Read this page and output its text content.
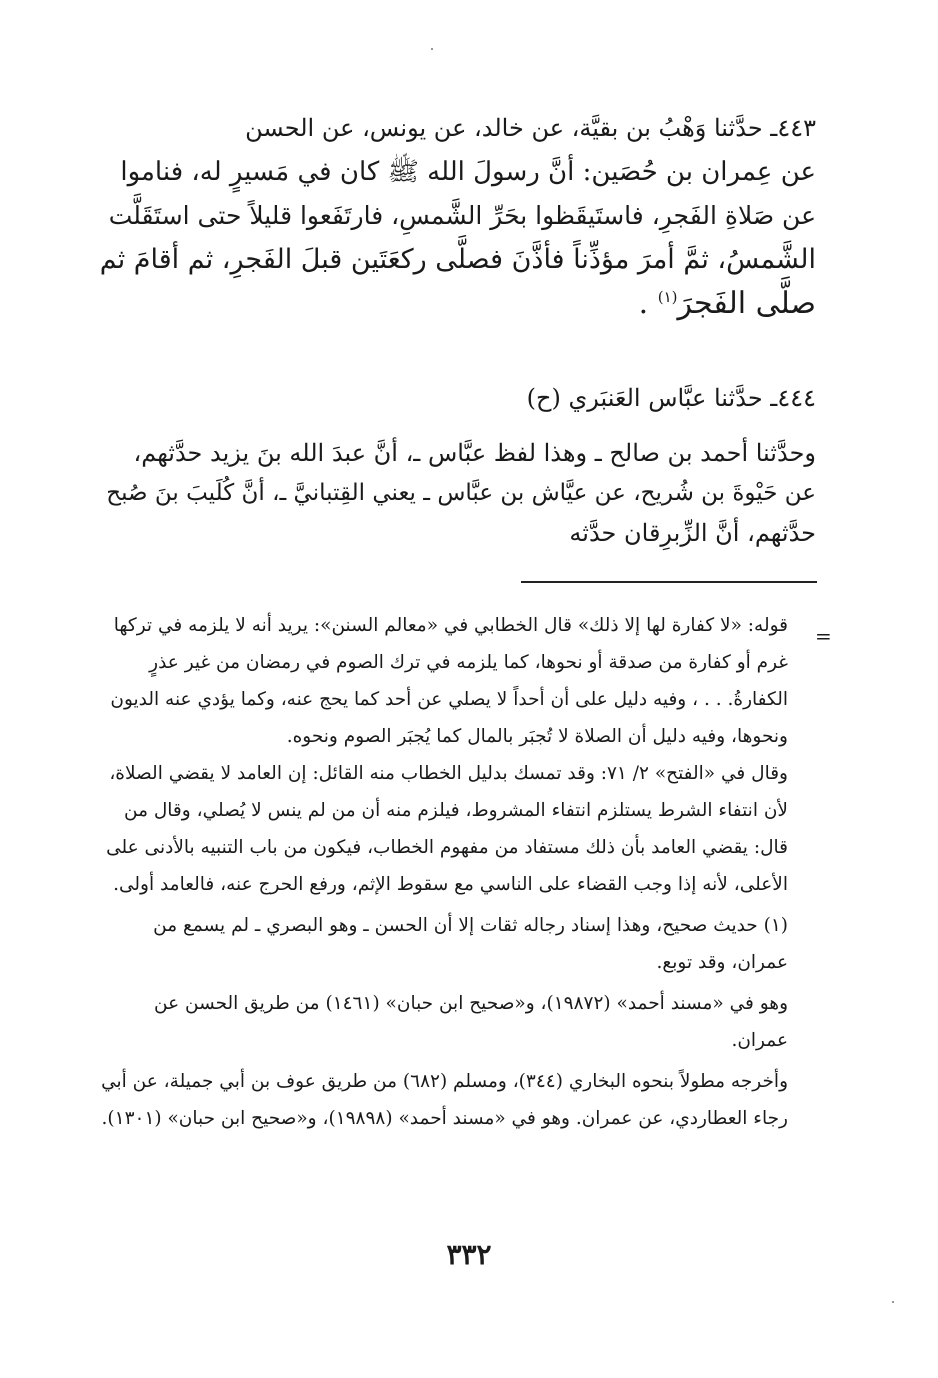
٤٤٣ـ حدَّثنا وَهْبُ بن بقيَّة، عن خالد، عن يونس، عن الحسن
عن عِمران بن حُصَين: أنَّ رسولَ الله ﷺ كان في مَسيرٍ له، فناموا
عن صَلاةِ الفَجرِ، فاستَيقَظوا بحَرِّ الشَّمسِ، فارتَفَعوا قليلاً حتى استَقَلَّت
الشَّمسُ، ثمَّ أمرَ مؤذِّناً فأذَّنَ فصلَّى ركعَتَين قبلَ الفَجرِ، ثم أقامَ ثم
صلَّى الفَجرَ$^{(١)}$ .
٤٤٤ـ حدَّثنا عبَّاس العَنبَري (ح)
وحدَّثنا أحمد بن صالح ـ وهذا لفظ عبَّاس ـ، أنَّ عبدَ الله بنَ يزيد حدَّثهم،
عن حَيْوةَ بن شُريح، عن عيَّاش بن عبَّاس ـ يعني القِتبانيَّ ـ، أنَّ كُلَيبَ بنَ صُبح
حدَّثهم، أنَّ الزِّبرِقان حدَّثه
=

قوله: «لا كفارة لها إلا ذلك» قال الخطابي في «معالم السنن»: يريد أنه لا يلزمه في تركها غرم أو كفارة من صدقة أو نحوها، كما يلزمه في ترك الصوم في رمضان من غير عذرٍ الكفارةُ. . . ، وفيه دليل على أن أحداً لا يصلي عن أحد كما يحج عنه، وكما يؤدي عنه الديون ونحوها، وفيه دليل أن الصلاة لا تُجبَر بالمال كما يُجبَر الصوم ونحوه.

وقال في «الفتح» ٢/ ٧١: وقد تمسك بدليل الخطاب منه القائل: إن العامد لا يقضي الصلاة، لأن انتفاء الشرط يستلزم انتفاء المشروط، فيلزم منه أن من لم ينس لا يُصلي، وقال من قال: يقضي العامد بأن ذلك مستفاد من مفهوم الخطاب، فيكون من باب التنبيه بالأدنى على الأعلى، لأنه إذا وجب القضاء على الناسي مع سقوط الإثم، ورفع الحرج عنه، فالعامد أولى.

(١) حديث صحيح، وهذا إسناد رجاله ثقات إلا أن الحسن ـ وهو البصري ـ لم يسمع من عمران، وقد توبع.

وهو في «مسند أحمد» (١٩٨٧٢)، و«صحيح ابن حبان» (١٤٦١) من طريق الحسن عن عمران.

وأخرجه مطولاً بنحوه البخاري (٣٤٤)، ومسلم (٦٨٢) من طريق عوف بن أبي جميلة، عن أبي رجاء العطاردي، عن عمران. وهو في «مسند أحمد» (١٩٨٩٨)، و«صحيح ابن حبان» (١٣٠١).

٣٣٢
